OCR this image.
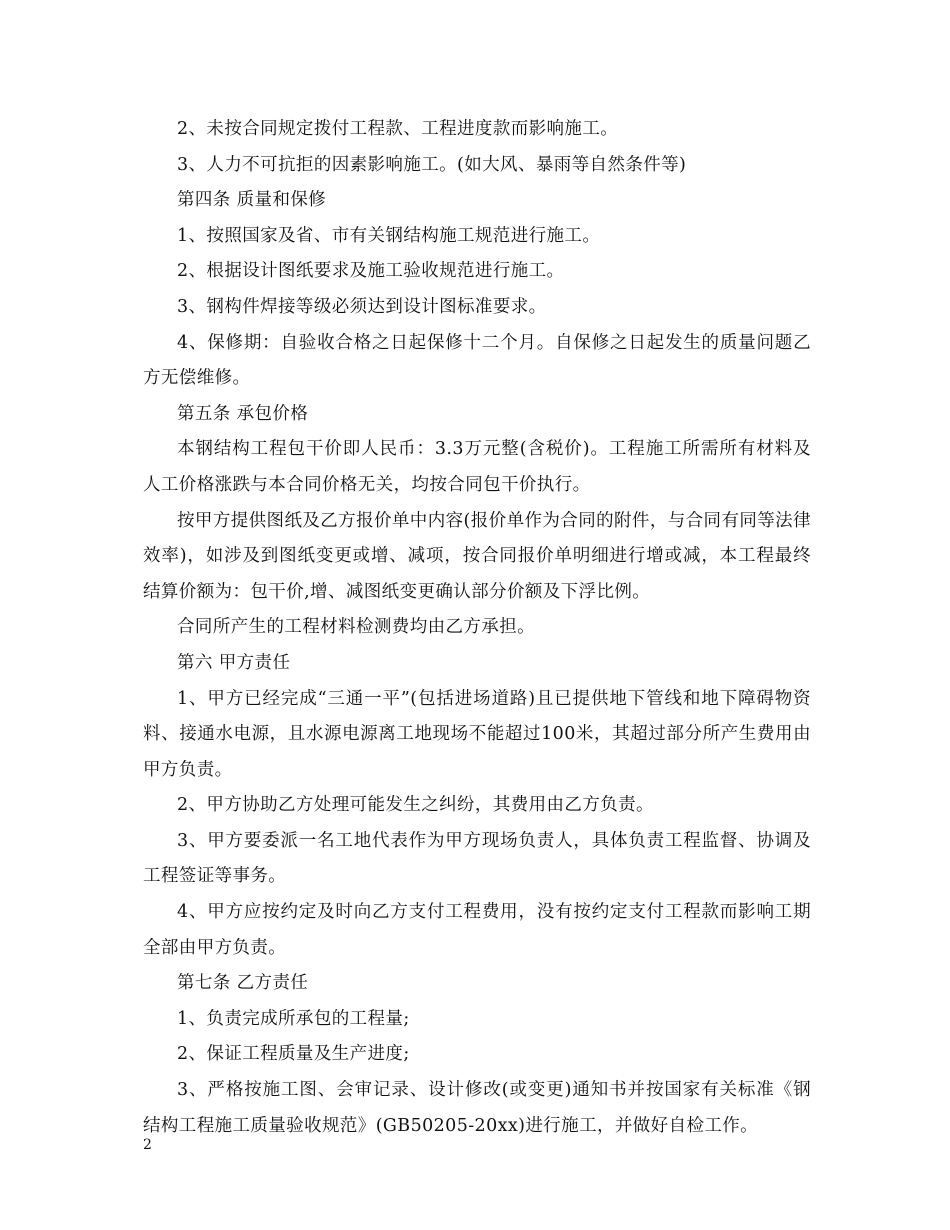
2、未按合同规定拨付工程款、工程进度款而影响施工。

3、人力不可抗拒的因素影响施工。(如大风、暴雨等自然条件等)

第四条 质量和保修

1、按照国家及省、市有关钢结构施工规范进行施工。

2、根据设计图纸要求及施工验收规范进行施工。

3、钢构件焊接等级必须达到设计图标准要求。

4、保修期：自验收合格之日起保修十二个月。自保修之日起发生的质量问题乙方无偿维修。

第五条 承包价格

本钢结构工程包干价即人民币：3.3万元整(含税价)。工程施工所需所有材料及人工价格涨跌与本合同价格无关，均按合同包干价执行。

按甲方提供图纸及乙方报价单中内容(报价单作为合同的附件，与合同有同等法律效率)，如涉及到图纸变更或增、减项，按合同报价单明细进行增或减，本工程最终结算价额为：包干价,增、减图纸变更确认部分价额及下浮比例。

合同所产生的工程材料检测费均由乙方承担。

第六 甲方责任

1、甲方已经完成“三通一平”(包括进场道路)且已提供地下管线和地下障碍物资料、接通水电源，且水源电源离工地现场不能超过100米，其超过部分所产生费用由甲方负责。

2、甲方协助乙方处理可能发生之纠纷，其费用由乙方负责。

3、甲方要委派一名工地代表作为甲方现场负责人，具体负责工程监督、协调及工程签证等事务。

4、甲方应按约定及时向乙方支付工程费用，没有按约定支付工程款而影响工期全部由甲方负责。

第七条 乙方责任

1、负责完成所承包的工程量;

2、保证工程质量及生产进度;

3、严格按施工图、会审记录、设计修改(或变更)通知书并按国家有关标准《钢结构工程施工质量验收规范》(GB50205-20xx)进行施工，并做好自检工作。

2
